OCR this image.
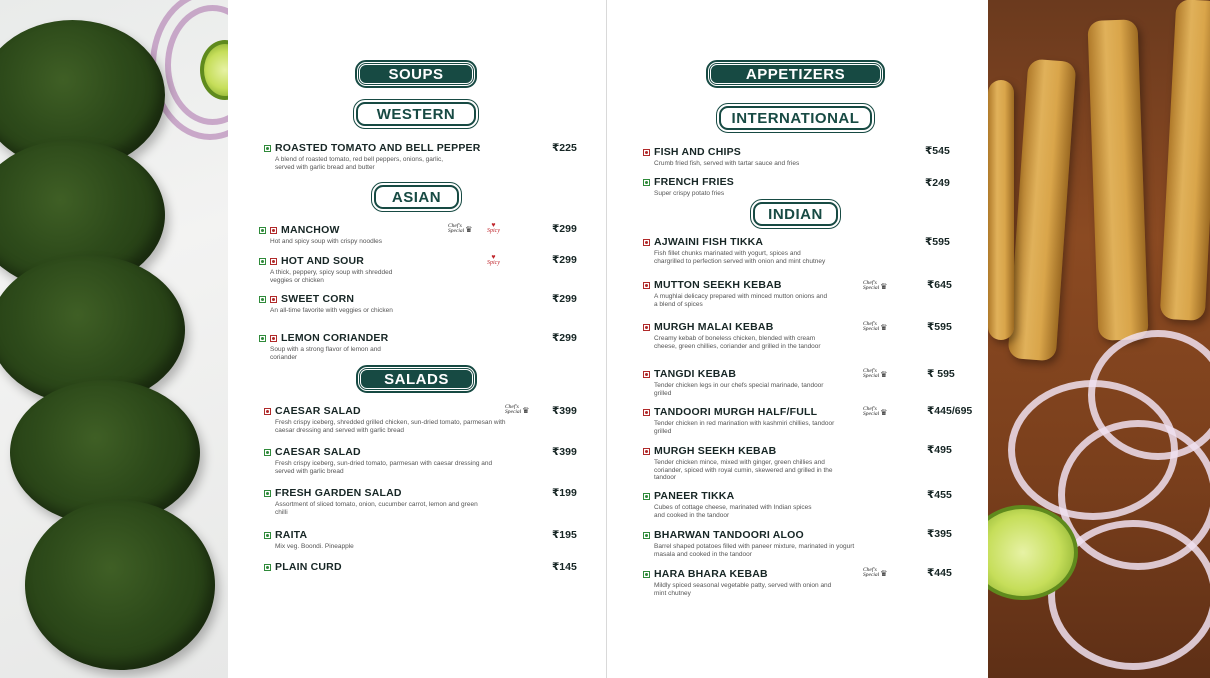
SOUPS
WESTERN
ROASTED TOMATO AND BELL PEPPER
A blend of roasted tomato, red bell peppers, onions, garlic, served with garlic bread and butter
₹225
ASIAN
MANCHOW
Hot and spicy soup with crispy noodles
Chef's
Special ♛	♥
Spicy	₹299
HOT AND SOUR
A thick, peppery, spicy soup with shredded veggies or chicken
♥
Spicy	₹299
SWEET CORN
An all-time favorite with veggies or chicken
₹299
LEMON CORIANDER
Soup with a strong flavor of lemon and coriander
₹299
SALADS
CAESAR SALAD
Fresh crispy iceberg, shredded grilled chicken, sun-dried tomato, parmesan with caesar dressing and served with garlic bread
Chef's
Special ♛ ₹399
CAESAR SALAD
Fresh crispy iceberg, sun-dried tomato, parmesan with caesar dressing and served with garlic bread
₹399
FRESH GARDEN SALAD
Assortment of sliced tomato, onion, cucumber carrot, lemon and green chilli
₹199
RAITA
Mix veg. Boondi. Pineapple
₹195
PLAIN CURD	₹145
APPETIZERS
INTERNATIONAL
FISH AND CHIPS
Crumb fried fish, served with tartar sauce and fries
₹545
FRENCH FRIES
Super crispy potato fries
₹249
INDIAN
AJWAINI FISH TIKKA
Fish fillet chunks marinated with yogurt, spices and chargrilled to perfection served with onion and mint chutney
₹595
MUTTON SEEKH KEBAB
A mughlai delicacy prepared with minced mutton onions and a blend of spices
Chef's
Special ♛	₹645
MURGH MALAI KEBAB
Creamy kebab of boneless chicken, blended with cream cheese, green chillies, coriander and grilled in the tandoor
Chef's
Special ♛	₹595
TANGDI KEBAB
Tender chicken legs in our chefs special marinade, tandoor grilled
Chef's
Special ♛	₹ 595
TANDOORI MURGH HALF/FULL
Tender chicken in red marination with kashmiri chillies, tandoor grilled
Chef's
Special ♛	₹445/695
MURGH SEEKH KEBAB
Tender chicken mince, mixed with ginger, green chillies and coriander, spiced with royal cumin, skewered and grilled in the tandoor
₹495
PANEER TIKKA
Cubes of cottage cheese, marinated with Indian spices and cooked in the tandoor
₹455
BHARWAN TANDOORI ALOO
Barrel shaped potatoes filled with paneer mixture, marinated in yogurt masala and cooked in the tandoor
₹395
HARA BHARA KEBAB
Mildly spiced seasonal vegetable patty, served with onion and mint chutney
Chef's
Special ♛	₹445
